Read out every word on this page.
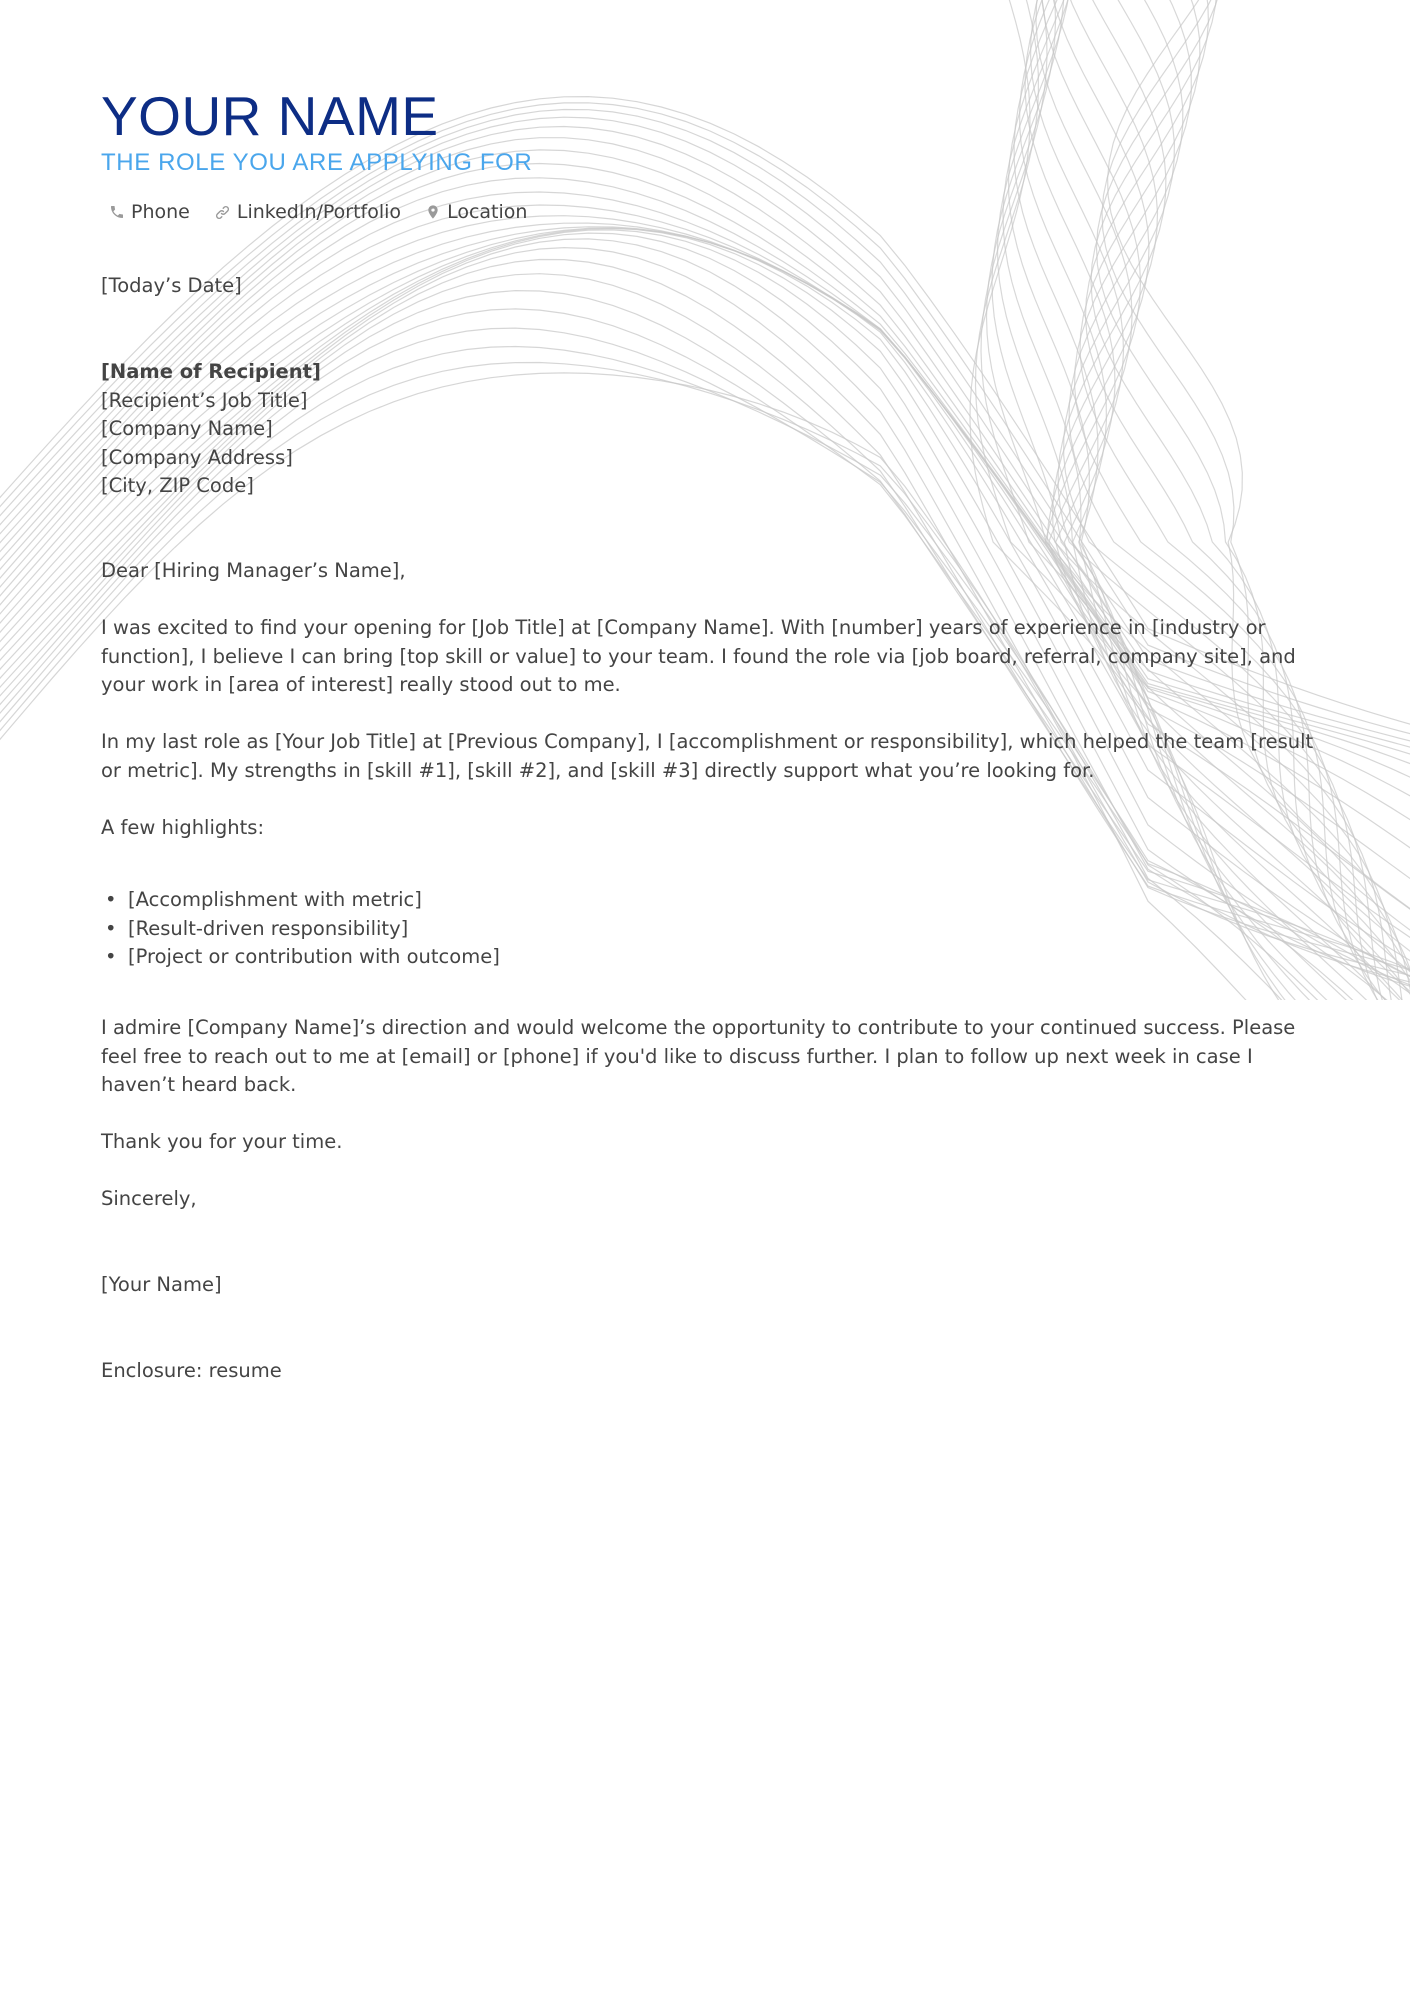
YOUR NAME
THE ROLE YOU ARE APPLYING FOR
Phone LinkedIn/Portfolio Location
[Today’s Date]
[Name of Recipient]
[Recipient’s Job Title]
[Company Name]
[Company Address]
[City, ZIP Code]
Dear [Hiring Manager’s Name],
I was excited to find your opening for [Job Title] at [Company Name]. With [number] years of experience in [industry or function], I believe I can bring [top skill or value] to your team. I found the role via [job board, referral, company site], and your work in [area of interest] really stood out to me.
In my last role as [Your Job Title] at [Previous Company], I [accomplishment or responsibility], which helped the team [result or metric]. My strengths in [skill #1], [skill #2], and [skill #3] directly support what you’re looking for.
A few highlights:
• [Accomplishment with metric]
• [Result-driven responsibility]
• [Project or contribution with outcome]
I admire [Company Name]’s direction and would welcome the opportunity to contribute to your continued success. Please feel free to reach out to me at [email] or [phone] if you'd like to discuss further. I plan to follow up next week in case I haven’t heard back.
Thank you for your time.
Sincerely,
[Your Name]
Enclosure: resume
